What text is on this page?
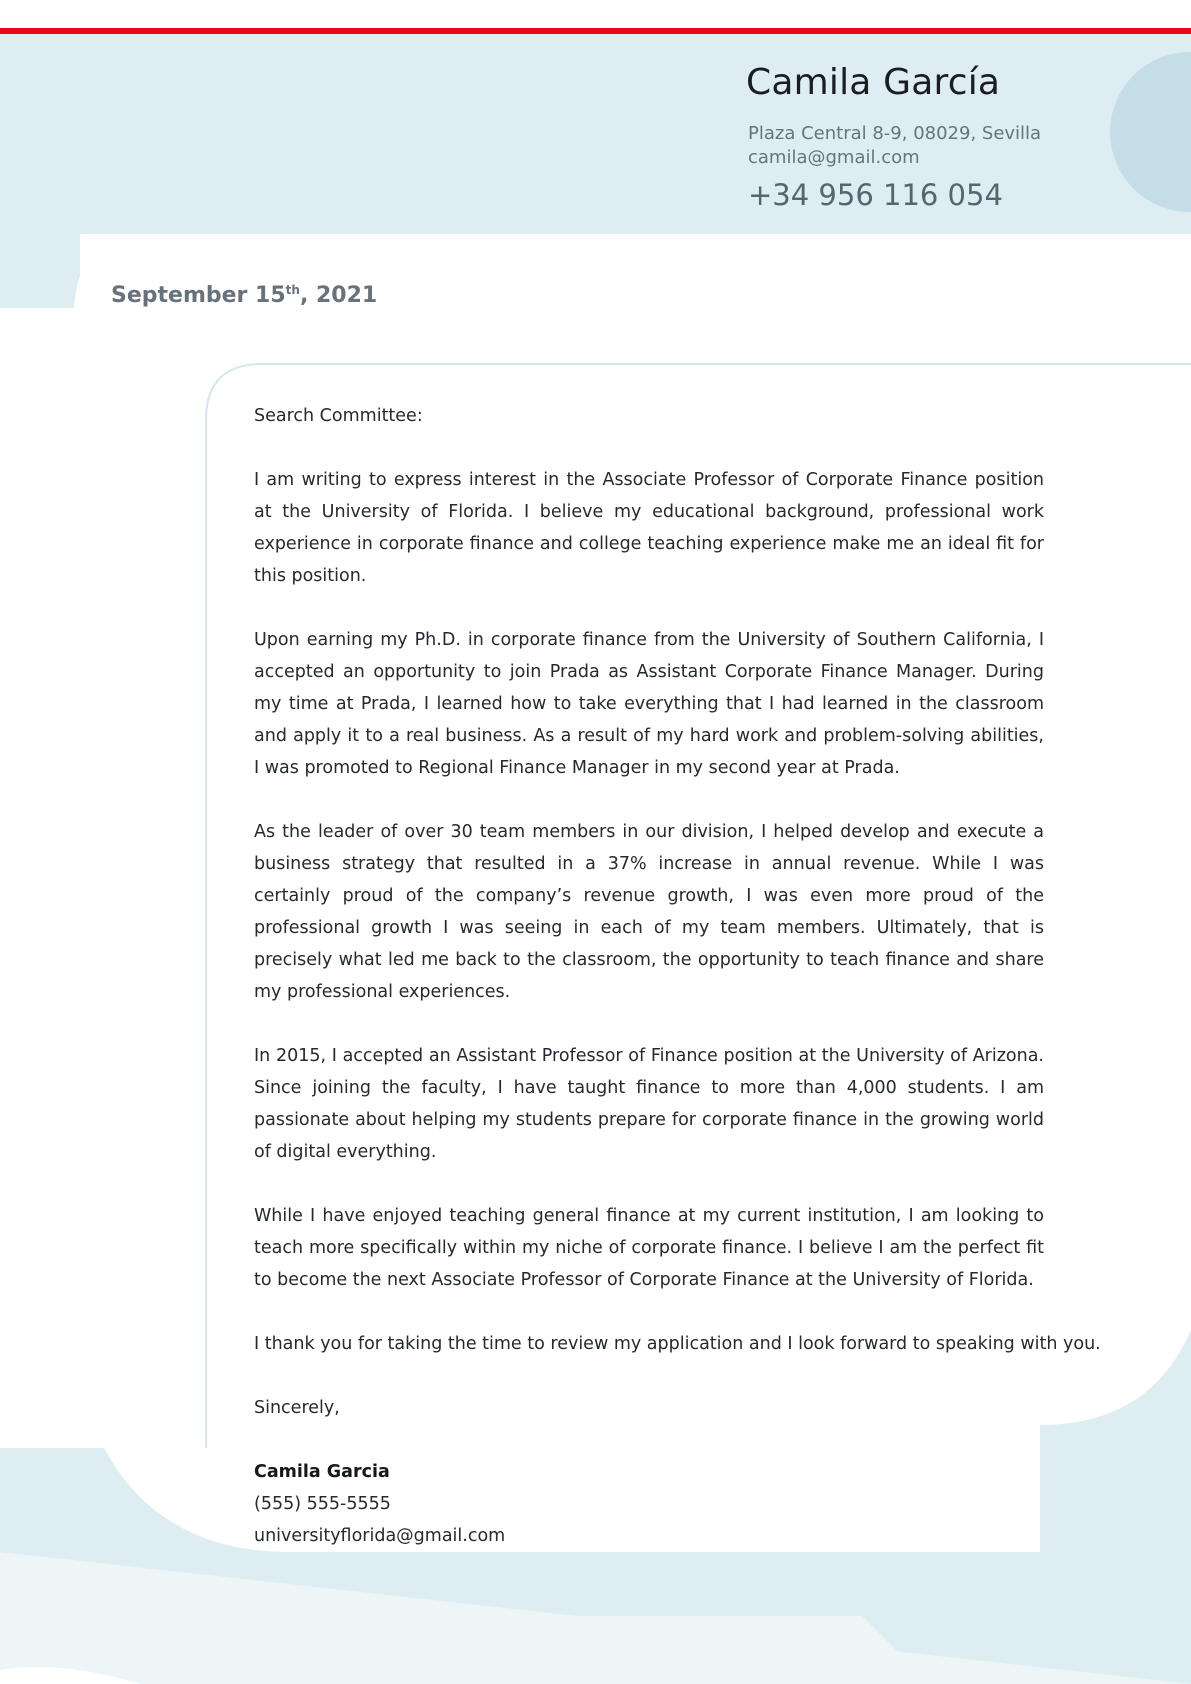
Camila García
Plaza Central 8-9, 08029, Sevilla
camila@gmail.com
+34 956 116 054
September 15th, 2021

Search Committee:

I am writing to express interest in the Associate Professor of Corporate Finance position at the University of Florida. I believe my educational background, professional work experience in corporate finance and college teaching experience make me an ideal fit for this position.

Upon earning my Ph.D. in corporate finance from the University of Southern California, I accepted an opportunity to join Prada as Assistant Corporate Finance Manager. During my time at Prada, I learned how to take everything that I had learned in the classroom and apply it to a real business. As a result of my hard work and problem-solving abilities, I was promoted to Regional Finance Manager in my second year at Prada.

As the leader of over 30 team members in our division, I helped develop and execute a business strategy that resulted in a 37% increase in annual revenue. While I was certainly proud of the company’s revenue growth, I was even more proud of the professional growth I was seeing in each of my team members. Ultimately, that is precisely what led me back to the classroom, the opportunity to teach finance and share my professional experiences.

In 2015, I accepted an Assistant Professor of Finance position at the University of Arizona. Since joining the faculty, I have taught finance to more than 4,000 students. I am passionate about helping my students prepare for corporate finance in the growing world of digital everything.

While I have enjoyed teaching general finance at my current institution, I am looking to teach more specifically within my niche of corporate finance. I believe I am the perfect fit to become the next Associate Professor of Corporate Finance at the University of Florida.

I thank you for taking the time to review my application and I look forward to speaking with you.

Sincerely,

Camila Garcia
(555) 555-5555
universityflorida@gmail.com
